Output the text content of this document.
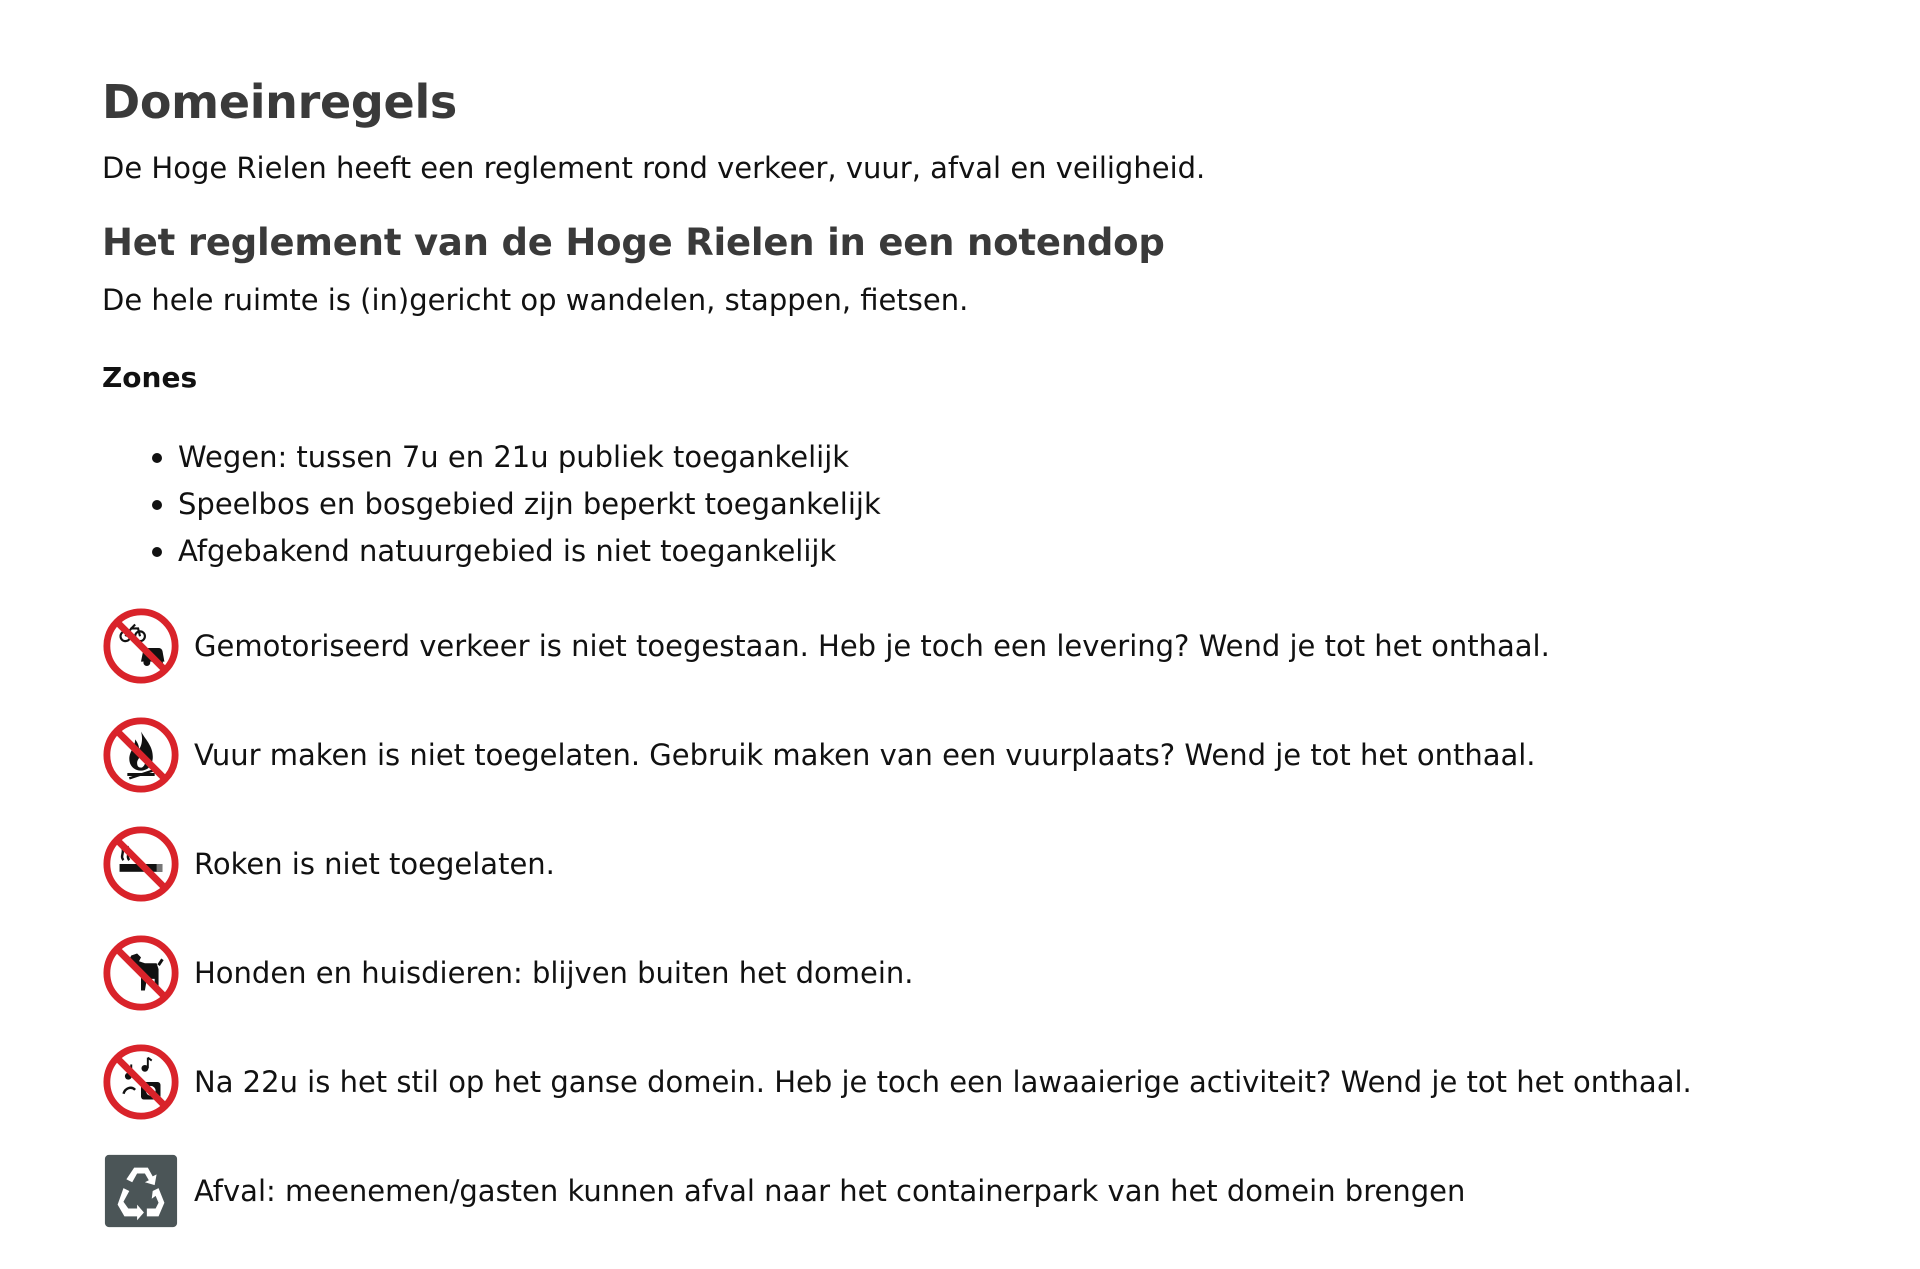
Domeinregels

De Hoge Rielen heeft een reglement rond verkeer, vuur, afval en veiligheid.

Het reglement van de Hoge Rielen in een notendop

De hele ruimte is (in)gericht op wandelen, stappen, fietsen.

Zones
Wegen: tussen 7u en 21u publiek toegankelijk
Speelbos en bosgebied zijn beperkt toegankelijk
Afgebakend natuurgebied is niet toegankelijk
Gemotoriseerd verkeer is niet toegestaan. Heb je toch een levering? Wend je tot het onthaal.
Vuur maken is niet toegelaten. Gebruik maken van een vuurplaats? Wend je tot het onthaal.
Roken is niet toegelaten.
Honden en huisdieren: blijven buiten het domein.
Na 22u is het stil op het ganse domein. Heb je toch een lawaaierige activiteit? Wend je tot het onthaal.
Afval: meenemen/gasten kunnen afval naar het containerpark van het domein brengen
